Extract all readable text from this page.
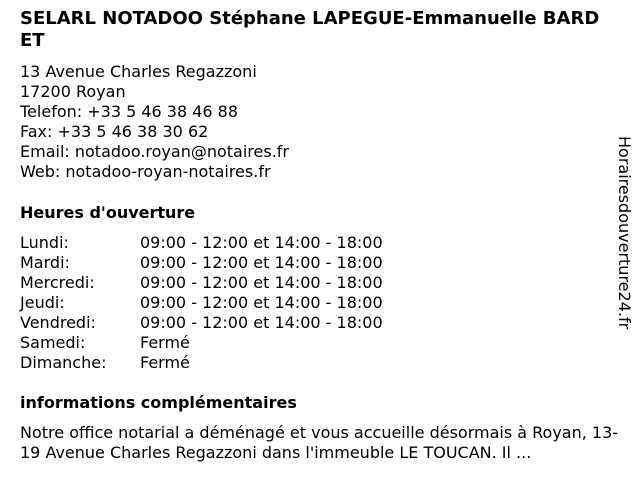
SELARL NOTADOO Stéphane LAPEGUE-Emmanuelle BARDET
13 Avenue Charles Regazzoni
17200 Royan
Telefon: +33 5 46 38 46 88
Fax: +33 5 46 38 30 62
Email: notadoo.royan@notaires.fr
Web: notadoo-royan-notaires.fr
Heures d'ouverture
Lundi:	09:00 - 12:00 et 14:00 - 18:00
Mardi:	09:00 - 12:00 et 14:00 - 18:00
Mercredi:	09:00 - 12:00 et 14:00 - 18:00
Jeudi:	09:00 - 12:00 et 14:00 - 18:00
Vendredi:	09:00 - 12:00 et 14:00 - 18:00
Samedi:	Fermé
Dimanche:	Fermé
informations complémentaires
Notre office notarial a déménagé et vous accueille désormais à Royan, 13-19 Avenue Charles Regazzoni dans l'immeuble LE TOUCAN. Il ...
Horairesdouverture24.fr
